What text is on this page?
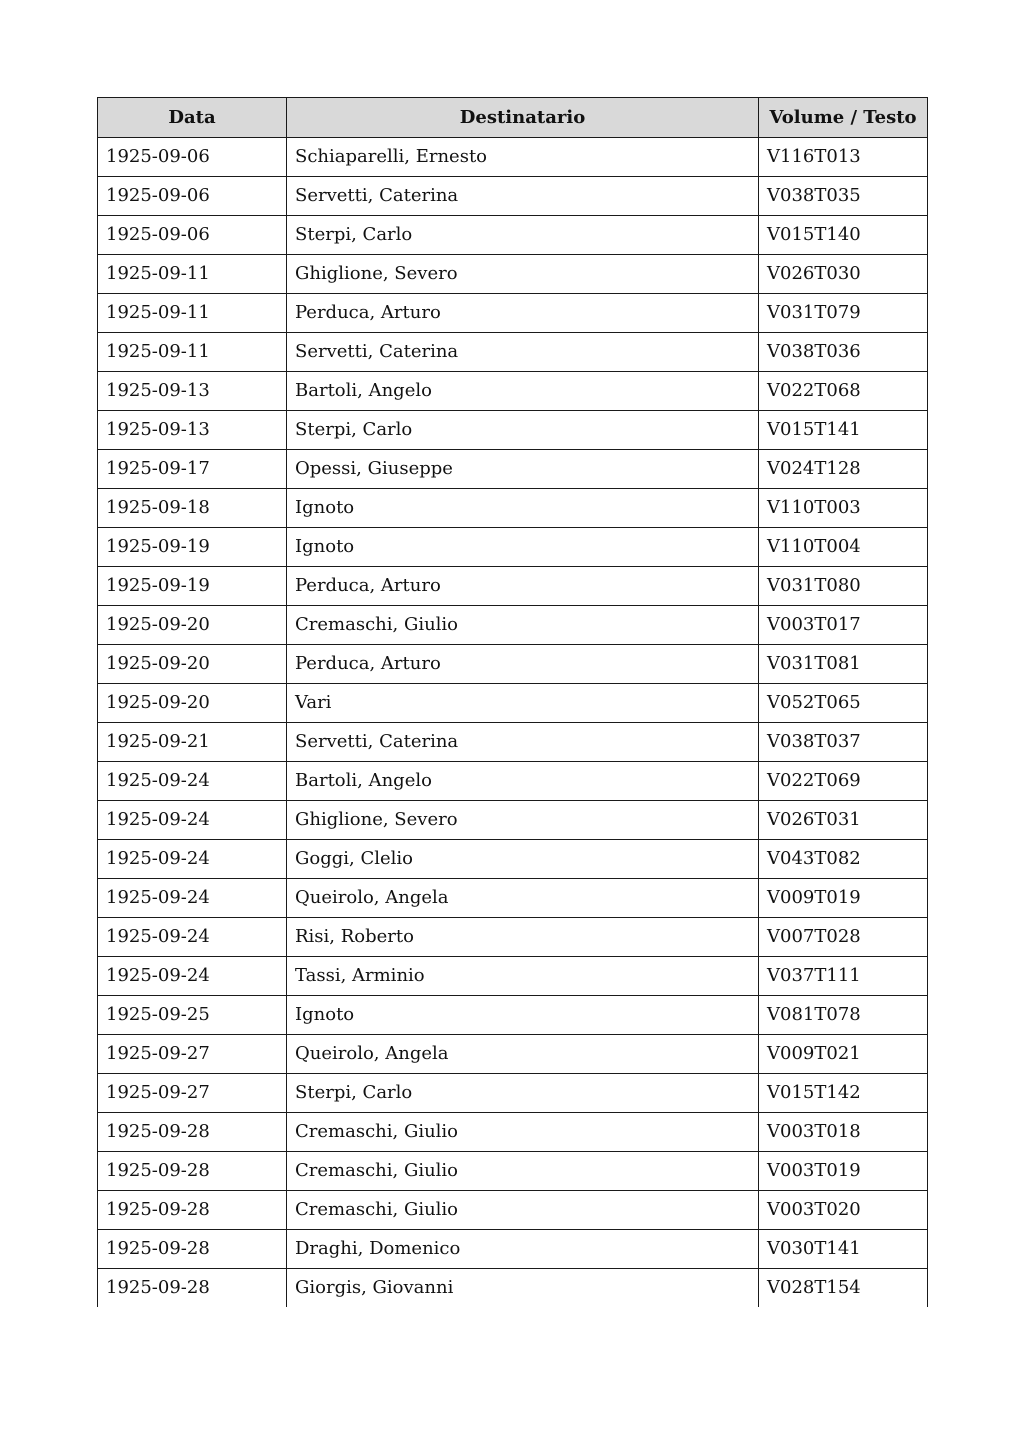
Data	Destinatario	Volume / Testo
1925-09-06	Schiaparelli, Ernesto	V116T013
1925-09-06	Servetti, Caterina	V038T035
1925-09-06	Sterpi, Carlo	V015T140
1925-09-11	Ghiglione, Severo	V026T030
1925-09-11	Perduca, Arturo	V031T079
1925-09-11	Servetti, Caterina	V038T036
1925-09-13	Bartoli, Angelo	V022T068
1925-09-13	Sterpi, Carlo	V015T141
1925-09-17	Opessi, Giuseppe	V024T128
1925-09-18	Ignoto	V110T003
1925-09-19	Ignoto	V110T004
1925-09-19	Perduca, Arturo	V031T080
1925-09-20	Cremaschi, Giulio	V003T017
1925-09-20	Perduca, Arturo	V031T081
1925-09-20	Vari	V052T065
1925-09-21	Servetti, Caterina	V038T037
1925-09-24	Bartoli, Angelo	V022T069
1925-09-24	Ghiglione, Severo	V026T031
1925-09-24	Goggi, Clelio	V043T082
1925-09-24	Queirolo, Angela	V009T019
1925-09-24	Risi, Roberto	V007T028
1925-09-24	Tassi, Arminio	V037T111
1925-09-25	Ignoto	V081T078
1925-09-27	Queirolo, Angela	V009T021
1925-09-27	Sterpi, Carlo	V015T142
1925-09-28	Cremaschi, Giulio	V003T018
1925-09-28	Cremaschi, Giulio	V003T019
1925-09-28	Cremaschi, Giulio	V003T020
1925-09-28	Draghi, Domenico	V030T141
1925-09-28	Giorgis, Giovanni	V028T154
